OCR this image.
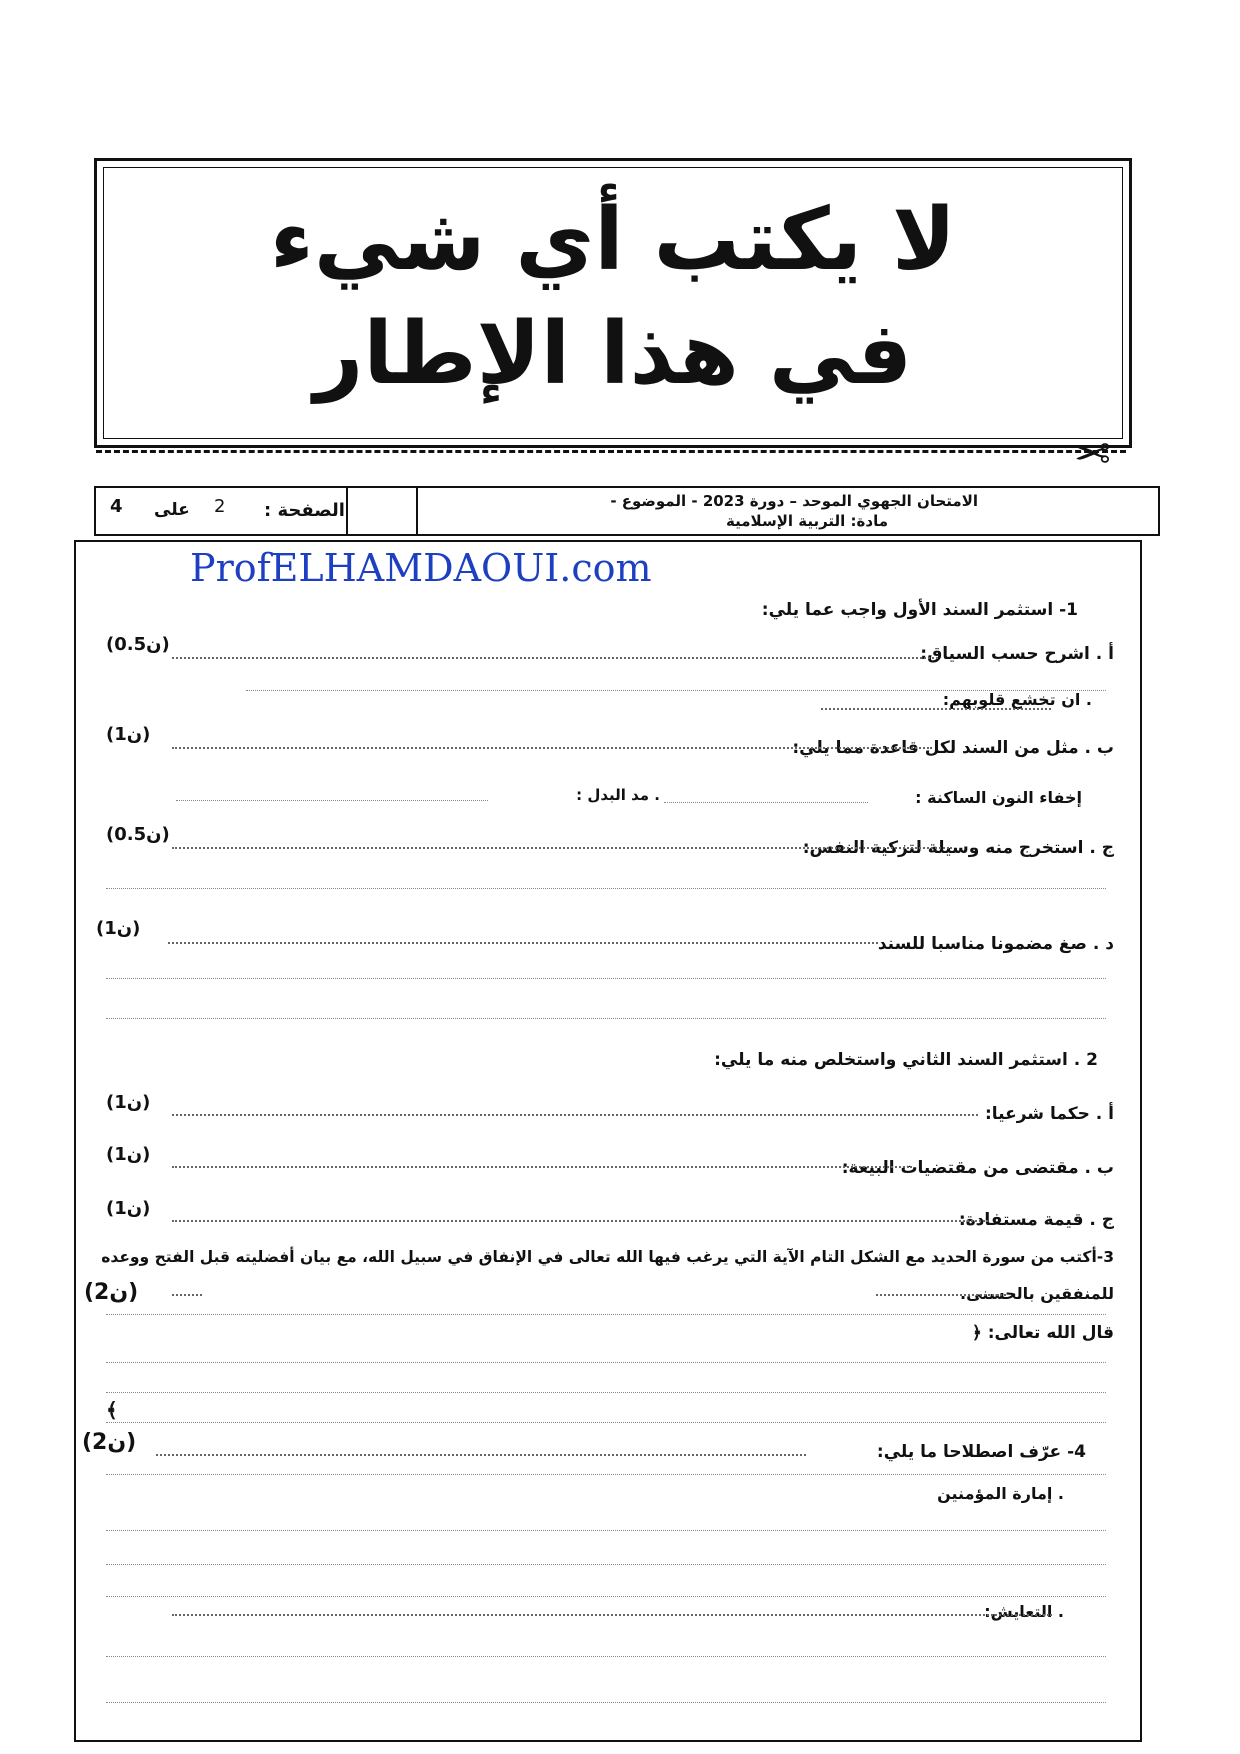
لا يكتب أي شيء
في هذا الإطار
✂
الامتحان الجهوي الموحد – دورة 2023 - الموضوع -
مادة: التربية الإسلامية
الصفحة :
2
على
4
1- استثمر السند الأول واجب عما يلي:
أ . اشرح حسب السياق:
(0.5ن)
. ان تخشع قلوبهم:
ب . مثل من السند لكل قاعدة مما يلي:
(1ن)
إخفاء النون الساكنة :
. مد البدل :
ج . استخرج منه وسيلة لتزكية النفس:
(0.5ن)
د . صغ مضمونا مناسبا للسند
(1ن)
2 . استثمر السند الثاني واستخلص منه ما يلي:
أ . حكما شرعيا:
(1ن)
ب . مقتضى من مقتضيات البيعة:
(1ن)
ج . قيمة مستفادة:
(1ن)
3-أكتب من سورة الحديد مع الشكل التام الآية التي يرغب فيها الله تعالى في الإنفاق في سبيل الله، مع بيان أفضليته قبل الفتح ووعده
(2ن)	للمنفقين بالحسنى.
قال الله تعالى: ﴿
﴾
4- عرّف اصطلاحا ما يلي:
(2ن)
. إمارة المؤمنين
. التعايش:
ProfELHAMDAOUI.com
